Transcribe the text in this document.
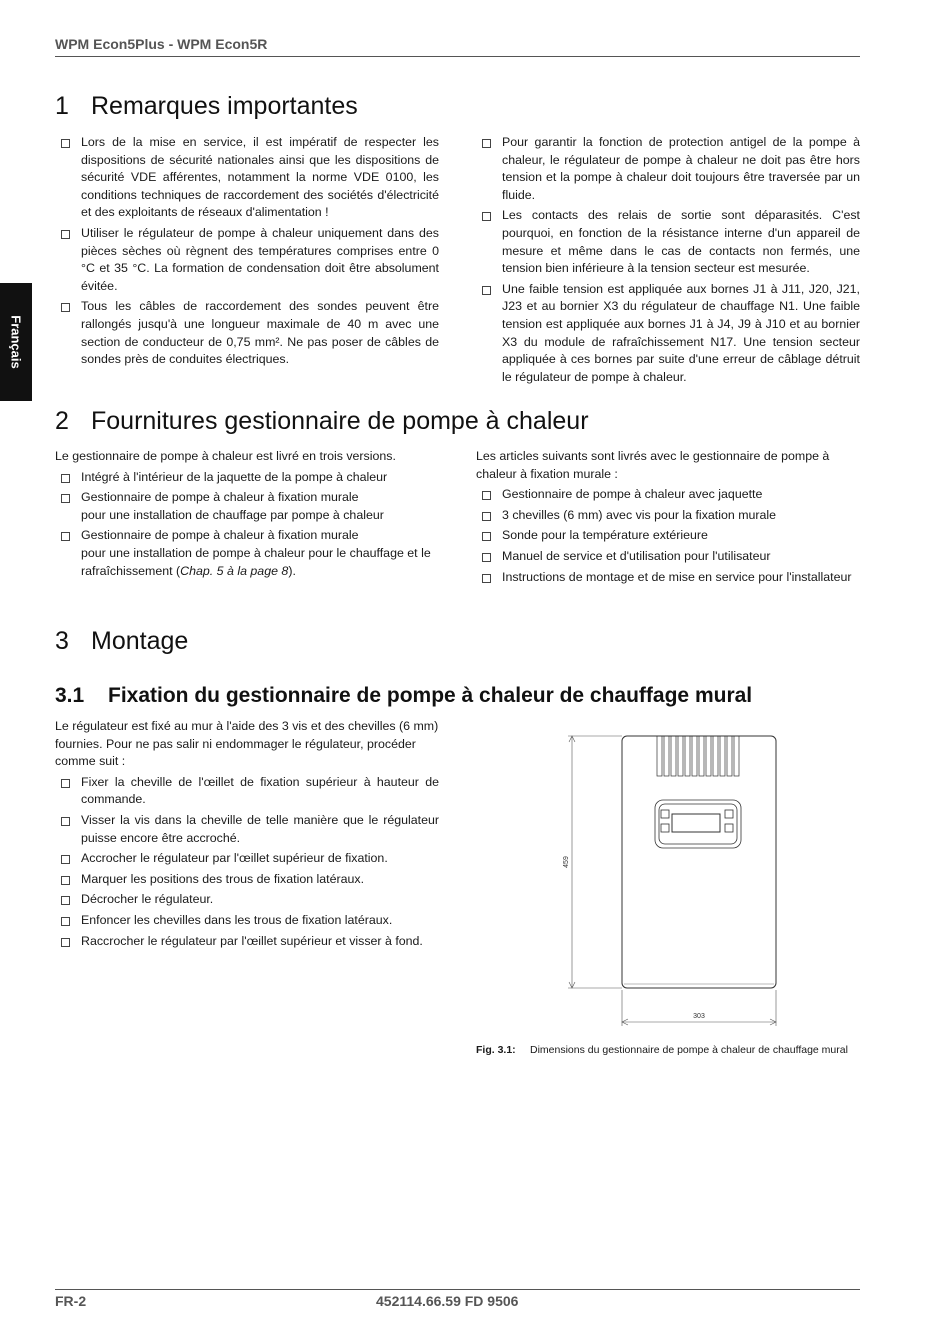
WPM Econ5Plus - WPM Econ5R
Français
1 Remarques importantes
Lors de la mise en service, il est impératif de respecter les dispositions de sécurité nationales ainsi que les dispositions de sécurité VDE afférentes, notamment la norme VDE 0100, les conditions techniques de raccordement des sociétés d'électricité et des exploitants de réseaux d'alimentation !
Utiliser le régulateur de pompe à chaleur uniquement dans des pièces sèches où règnent des températures comprises entre 0 °C et 35 °C. La formation de condensation doit être absolument évitée.
Tous les câbles de raccordement des sondes peuvent être rallongés jusqu'à une longueur maximale de 40 m avec une section de conducteur de 0,75 mm². Ne pas poser de câbles de sondes près de conduites électriques.
Pour garantir la fonction de protection antigel de la pompe à chaleur, le régulateur de pompe à chaleur ne doit pas être hors tension et la pompe à chaleur doit toujours être traversée par un fluide.
Les contacts des relais de sortie sont déparasités. C'est pourquoi, en fonction de la résistance interne d'un appareil de mesure et même dans le cas de contacts non fermés, une tension bien inférieure à la tension secteur est mesurée.
Une faible tension est appliquée aux bornes J1 à J11, J20, J21, J23 et au bornier X3 du régulateur de chauffage N1. Une faible tension est appliquée aux bornes J1 à J4, J9 à J10 et au bornier X3 du module de rafraîchissement N17. Une tension secteur appliquée à ces bornes par suite d'une erreur de câblage détruit le régulateur de pompe à chaleur.
2 Fournitures gestionnaire de pompe à chaleur

Le gestionnaire de pompe à chaleur est livré en trois versions.

Intégré à l'intérieur de la jaquette de la pompe à chaleur
Gestionnaire de pompe à chaleur à fixation murale
pour une installation de chauffage par pompe à chaleur
Gestionnaire de pompe à chaleur à fixation murale
pour une installation de pompe à chaleur pour le chauffage et le rafraîchissement (Chap. 5 à la page 8).

Les articles suivants sont livrés avec le gestionnaire de pompe à chaleur à fixation murale :

Gestionnaire de pompe à chaleur avec jaquette
3 chevilles (6 mm) avec vis pour la fixation murale
Sonde pour la température extérieure
Manuel de service et d'utilisation pour l'utilisateur
Instructions de montage et de mise en service pour l'installateur
3 Montage
3.1 Fixation du gestionnaire de pompe à chaleur de chauffage mural

Le régulateur est fixé au mur à l'aide des 3 vis et des chevilles (6 mm) fournies. Pour ne pas salir ni endommager le régulateur, procéder comme suit :

Fixer la cheville de l'œillet de fixation supérieur à hauteur de commande.
Visser la vis dans la cheville de telle manière que le régulateur puisse encore être accroché.
Accrocher le régulateur par l'œillet supérieur de fixation.
Marquer les positions des trous de fixation latéraux.
Décrocher le régulateur.
Enfoncer les chevilles dans les trous de fixation latéraux.
Raccrocher le régulateur par l'œillet supérieur et visser à fond.
459
303
Fig. 3.1: Dimensions du gestionnaire de pompe à chaleur de chauffage mural
FR-2	452114.66.59 FD 9506
